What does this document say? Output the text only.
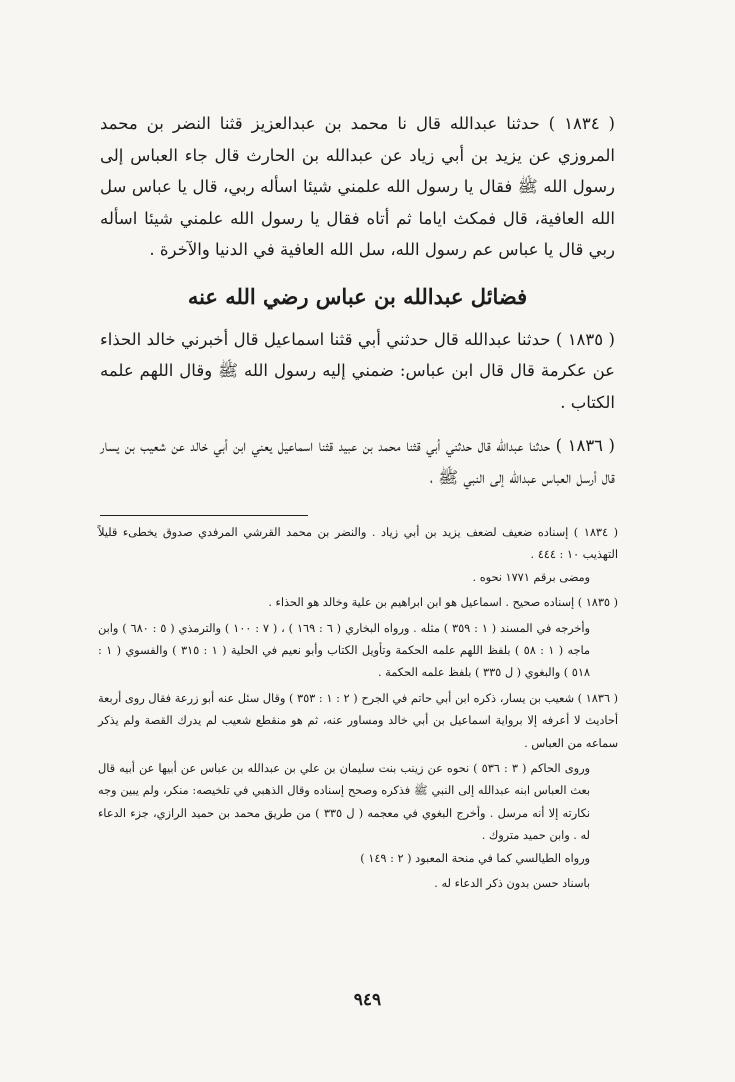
( ١٨٣٤ ) حدثنا عبدالله قال نا محمد بن عبدالعزيز قثنا النضر بن محمد المروزي عن يزيد بن أبي زياد عن عبدالله بن الحارث قال جاء العباس إلى رسول الله ﷺ فقال يا رسول الله علمني شيئا اسأله ربي، قال يا عباس سل الله العافية، قال فمكث اياما ثم أتاه فقال يا رسول الله علمني شيئا اسأله ربي قال يا عباس عم رسول الله، سل الله العافية في الدنيا والآخرة .

فضائل عبدالله بن عباس رضي الله عنه

( ١٨٣٥ ) حدثنا عبدالله قال حدثني أبي قثنا اسماعيل قال أخبرني خالد الحذاء عن عكرمة قال قال ابن عباس: ضمني إليه رسول الله ﷺ وقال اللهم علمه الكتاب .

( ١٨٣٦ ) حدثنا عبدالله قال حدثني أبي قثنا محمد بن عبيد قثنا اسماعيل يعني ابن أبي خالد عن شعيب بن يسار قال أرسل العباس عبدالله إلى النبي ﷺ ،

( ١٨٣٤ ) إسناده ضعيف لضعف يزيد بن أبي زياد . والنضر بن محمد القرشي المرفدي صدوق يخطىء قليلاً التهذيب ١٠ : ٤٤٤ .

ومضى برقم ١٧٧١ نحوه .

( ١٨٣٥ ) إسناده صحيح . اسماعيل هو ابن ابراهيم بن علية وخالد هو الحذاء .

وأخرجه في المسند ( ١ : ٣٥٩ ) مثله . ورواه البخاري ( ٦ : ١٦٩ ) ، ( ٧ : ١٠٠ ) والترمذي ( ٥ : ٦٨٠ ) وابن ماجه ( ١ : ٥٨ ) بلفظ اللهم علمه الحكمة وتأويل الكتاب وأبو نعيم في الحلية ( ١ : ٣١٥ ) والفسوي ( ١ : ٥١٨ ) والبغوي ( ل ٣٣٥ ) بلفظ علمه الحكمة .

( ١٨٣٦ ) شعيب بن يسار، ذكره ابن أبي حاتم في الجرح ( ٢ : ١ : ٣٥٣ ) وقال سئل عنه أبو زرعة فقال روى أربعة أحاديث لا أعرفه إلا برواية اسماعيل بن أبي خالد ومساور عنه، ثم هو منقطع شعيب لم يدرك القصة ولم يذكر سماعه من العباس .

وروى الحاكم ( ٣ : ٥٣٦ ) نحوه عن زينب بنت سليمان بن علي بن عبدالله بن عباس عن أبيها عن أبيه قال بعث العباس ابنه عبدالله إلى النبي ﷺ فذكره وصحح إسناده وقال الذهبي في تلخيصه: منكر، ولم يبين وجه نكارته إلا أنه مرسل . وأخرج البغوي في معجمه ( ل ٣٣٥ ) من طريق محمد بن حميد الرازي، جزء الدعاء له . وابن حميد متروك .

ورواه الطيالسي كما في منحة المعبود ( ٢ : ١٤٩ )

باسناد حسن بدون ذكر الدعاء له .

٩٤٩
